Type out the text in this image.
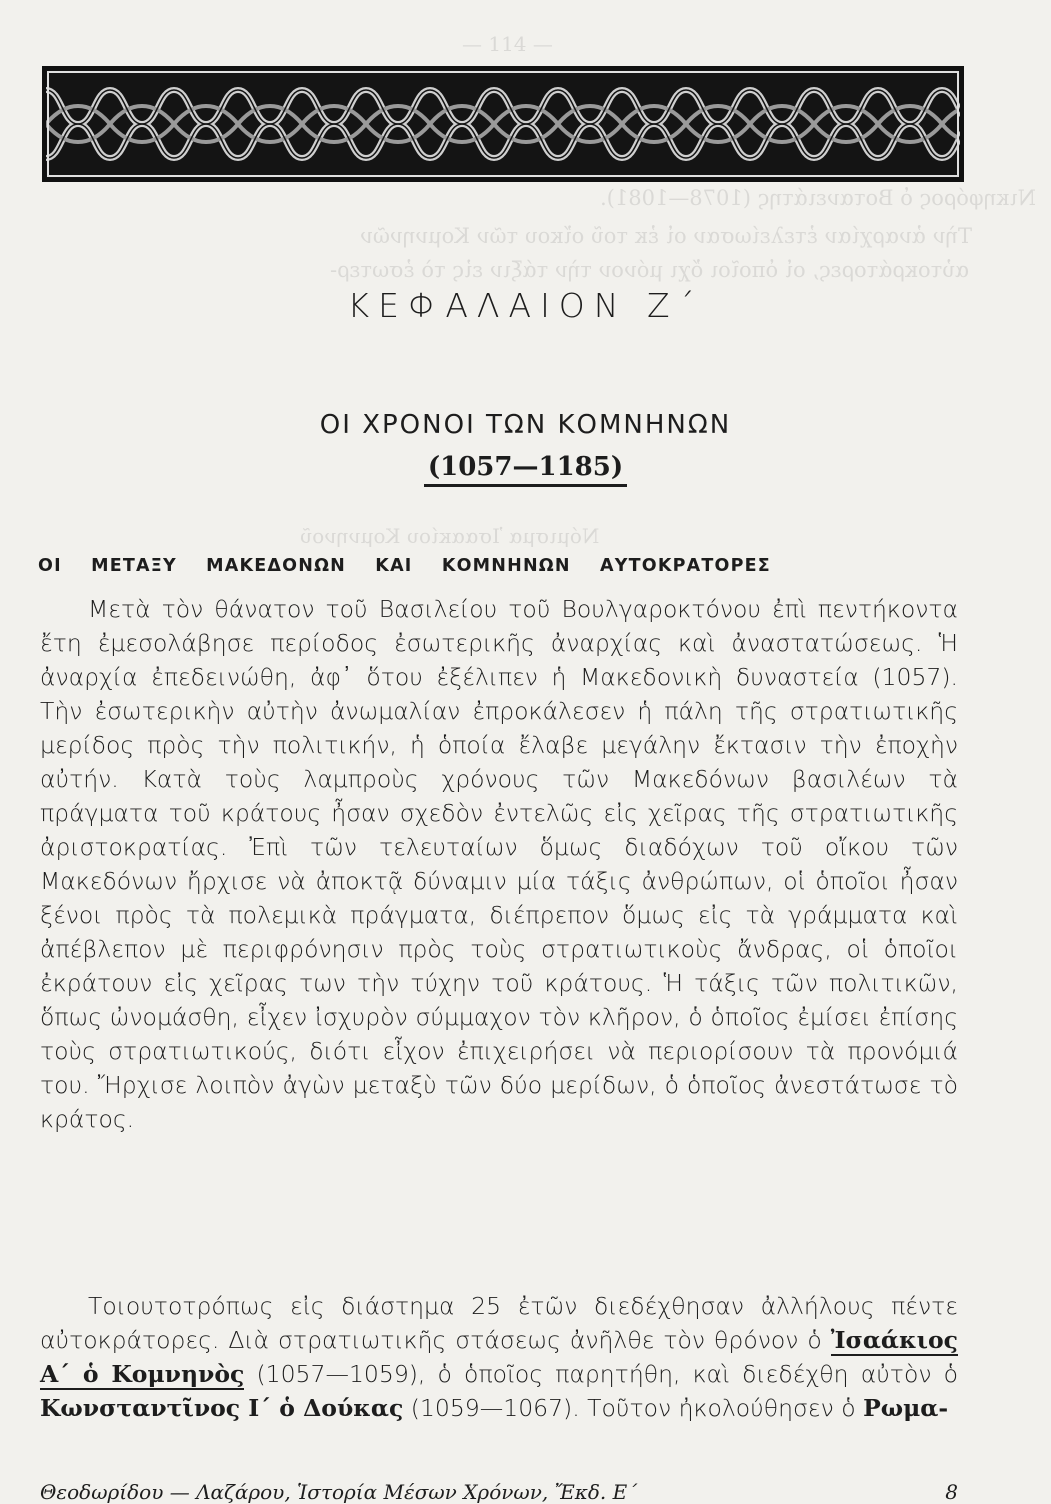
— 114 —
Νικηφόρος ὁ Βοτανειάτης (1078—1081).
Τὴν ἀναρχίαν ἐτελείωσαν οἱ ἐκ τοῦ οἴκου τῶν Κομνηνῶν
αὐτοκράτορες, οἱ ὁποῖοι ὄχι μόνον τὴν τάξιν εἰς τὸ ἐσωτερ-
Νόμισμα Ἰσαακίου Κομνηνοῦ
ΚΕΦΑΛΑΙΟΝ Ζ΄
ΟΙ ΧΡΟΝΟΙ ΤΩΝ ΚΟΜΝΗΝΩΝ
(1057—1185)
ΟΙ ΜΕΤΑΞΥ ΜΑΚΕΔΟΝΩΝ ΚΑΙ ΚΟΜΝΗΝΩΝ ΑΥΤΟΚΡΑΤΟΡΕΣ

Μετὰ τὸν θάνατον τοῦ Βασιλείου τοῦ Βουλγαροκτόνου ἐπὶ πεντήκοντα ἔτη ἐμεσολάβησε περίοδος ἐσωτερικῆς ἀναρχίας καὶ ἀναστατώσεως. Ἡ ἀναρχία ἐπεδεινώθη, ἀφ᾿ ὅτου ἐξέλιπεν ἡ Μακεδονικὴ δυναστεία (1057). Τὴν ἐσωτερικὴν αὐτὴν ἀνωμαλίαν ἐπροκάλεσεν ἡ πάλη τῆς στρατιωτικῆς μερίδος πρὸς τὴν πολιτικήν, ἡ ὁποία ἔλαβε μεγάλην ἔκτασιν τὴν ἐποχὴν αὐτήν. Κατὰ τοὺς λαμπροὺς χρόνους τῶν Μακεδόνων βασιλέων τὰ πράγματα τοῦ κράτους ἦσαν σχεδὸν ἐντελῶς εἰς χεῖρας τῆς στρατιωτικῆς ἀριστοκρατίας. Ἐπὶ τῶν τελευταίων ὅμως διαδόχων τοῦ οἴκου τῶν Μακεδόνων ἤρχισε νὰ ἀποκτᾷ δύναμιν μία τάξις ἀνθρώπων, οἱ ὁποῖοι ἦσαν ξένοι πρὸς τὰ πολεμικὰ πράγματα, διέπρεπον ὅμως εἰς τὰ γράμματα καὶ ἀπέβλεπον μὲ περιφρόνησιν πρὸς τοὺς στρατιωτικοὺς ἄνδρας, οἱ ὁποῖοι ἐκράτουν εἰς χεῖρας των τὴν τύχην τοῦ κράτους. Ἡ τάξις τῶν πολιτικῶν, ὅπως ὠνομάσθη, εἶχεν ἰσχυρὸν σύμμαχον τὸν κλῆρον, ὁ ὁποῖος ἐμίσει ἐπίσης τοὺς στρατιωτικούς, διότι εἶχον ἐπιχειρήσει νὰ περιορίσουν τὰ προνόμιά του. Ἤρχισε λοιπὸν ἀγὼν μεταξὺ τῶν δύο μερίδων, ὁ ὁποῖος ἀνεστάτωσε τὸ κράτος.

Τοιουτοτρόπως εἰς διάστημα 25 ἐτῶν διεδέχθησαν ἀλλήλους πέντε αὐτοκράτορες. Διὰ στρατιωτικῆς στάσεως ἀνῆλθε τὸν θρόνον ὁ Ἰσαάκιος Α΄ ὁ Κομνηνὸς (1057—1059), ὁ ὁποῖος παρητήθη, καὶ διεδέχθη αὐτὸν ὁ Κωνσταντῖνος Ι΄ ὁ Δούκας (1059—1067). Τοῦτον ἠκολούθησεν ὁ Ρωμα-

Θεοδωρίδου — Λαζάρου, Ἱστορία Μέσων Χρόνων, Ἔκδ. Ε΄	8
